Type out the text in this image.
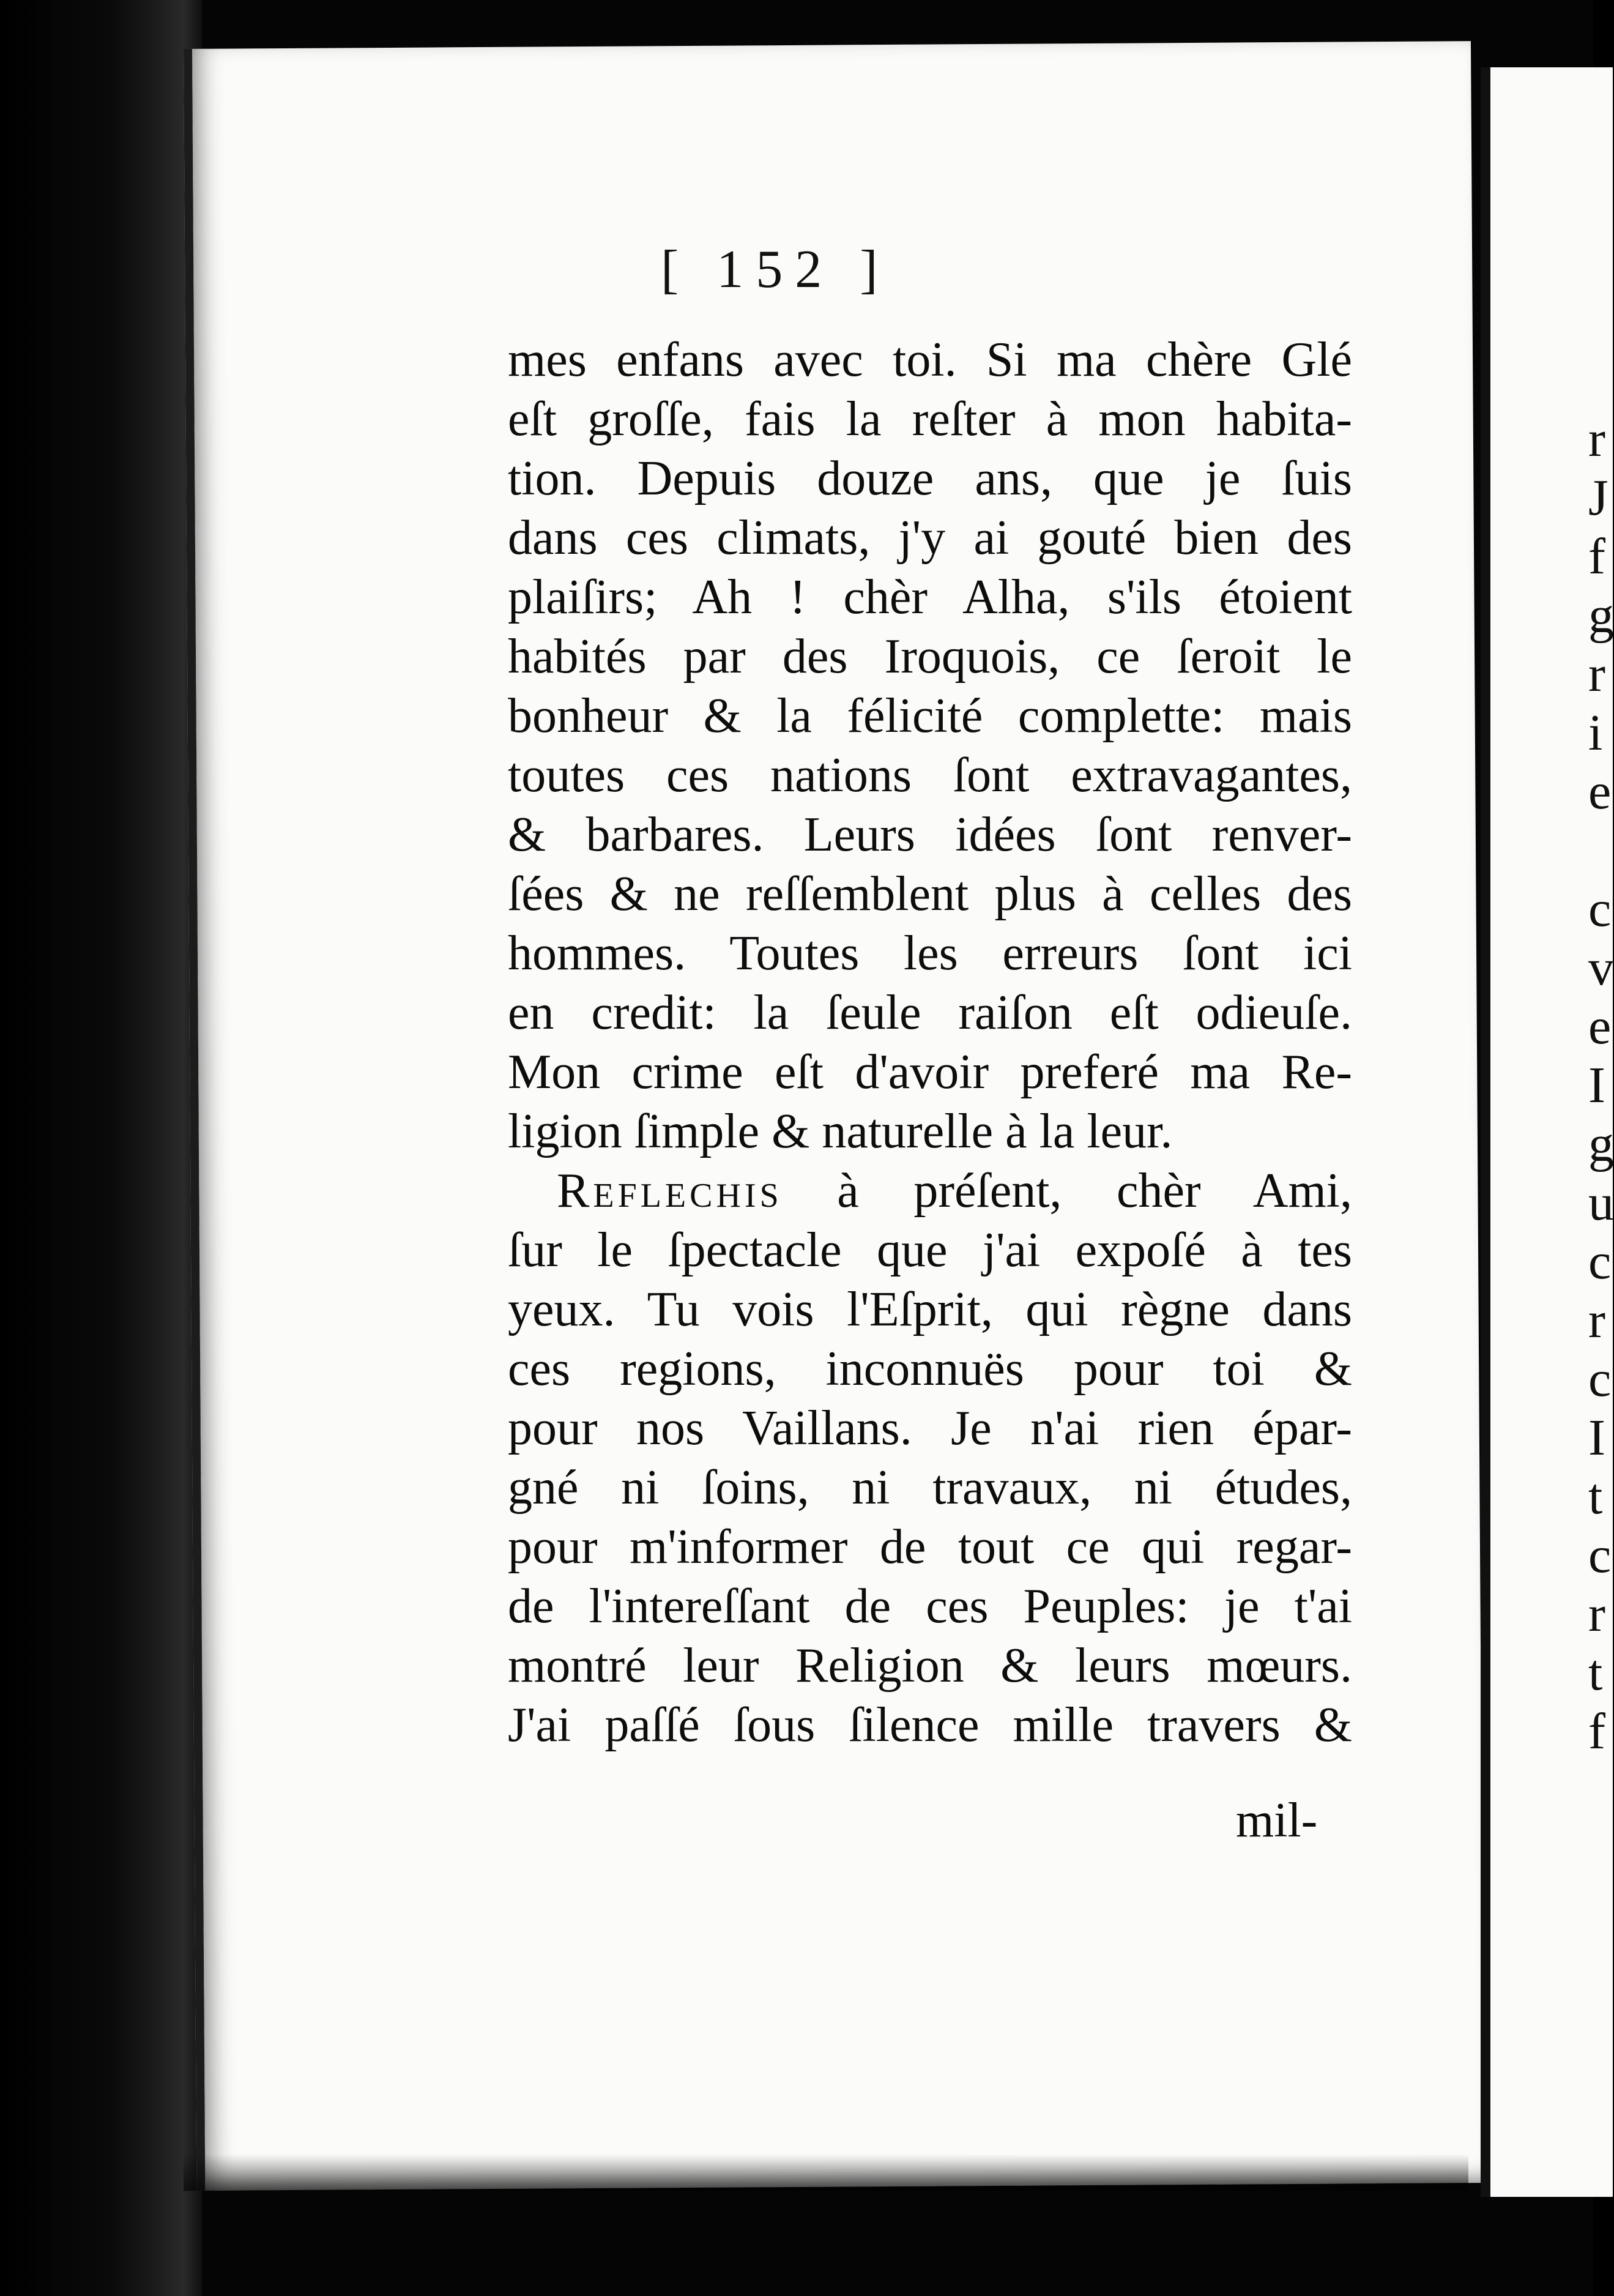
r
J
f
g
r
i
e

c
v
e
I
g
u
c
r
c
I
t
c
r
t
f
[ 152 ]
mes enfans avec toi. Si ma chère Glé
eſt groſſe, fais la reſter à mon habita-
tion. Depuis douze ans, que je ſuis
dans ces climats, j'y ai gouté bien des
plaiſirs; Ah ! chèr Alha, s'ils étoient
habités par des Iroquois, ce ſeroit le
bonheur & la félicité complette: mais
toutes ces nations ſont extravagantes,
& barbares. Leurs idées ſont renver-
ſées & ne reſſemblent plus à celles des
hommes. Toutes les erreurs ſont ici
en credit: la ſeule raiſon eſt odieuſe.
Mon crime eſt d'avoir preferé ma Re-
ligion ſimple & naturelle à la leur.
Reflechis à préſent, chèr Ami,
ſur le ſpectacle que j'ai expoſé à tes
yeux. Tu vois l'Eſprit, qui règne dans
ces regions, inconnuës pour toi &
pour nos Vaillans. Je n'ai rien épar-
gné ni ſoins, ni travaux, ni études,
pour m'informer de tout ce qui regar-
de l'intereſſant de ces Peuples: je t'ai
montré leur Religion & leurs mœurs.
J'ai paſſé ſous ſilence mille travers &
mil-
